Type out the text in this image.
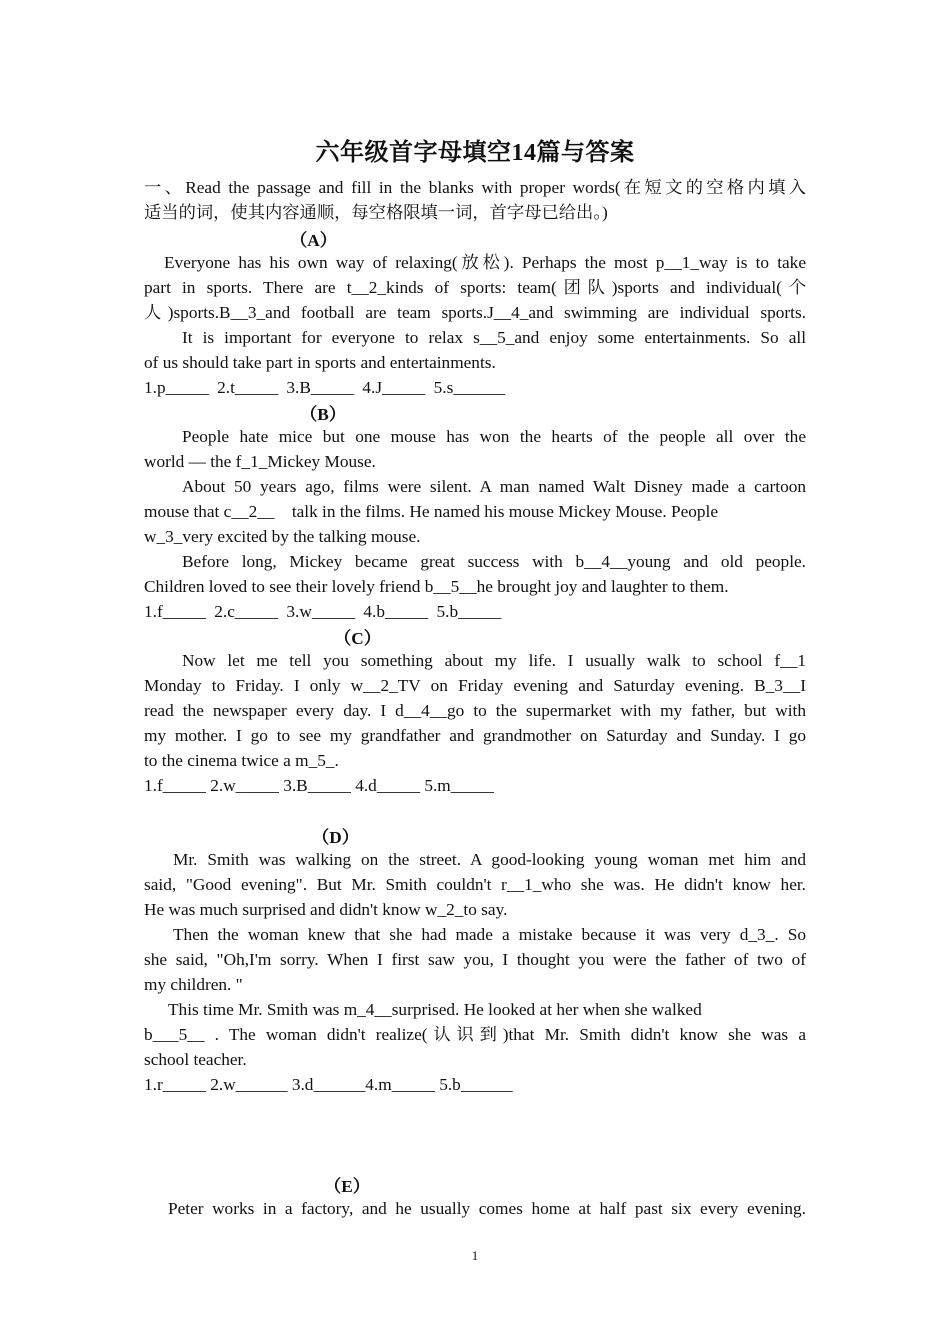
六年级首字母填空14篇与答案
一、Read the passage and fill in the blanks with proper words(在短文的空格内填入
适当的词，使其内容通顺，每空格限填一词，首字母已给出。)
（A）
Everyone has his own way of relaxing(放松). Perhaps the most p__1_way is to take
part in sports. There are t__2_kinds of sports: team(团队)sports and individual(个
人)sports.B__3_and football are team sports.J__4_and swimming are individual sports.
It is important for everyone to relax s__5_and enjoy some entertainments. So all
of us should take part in sports and entertainments.
1.p_____ 2.t_____ 3.B_____ 4.J_____ 5.s______
（B）
People hate mice but one mouse has won the hearts of the people all over the
world — the f_1_Mickey Mouse.
About 50 years ago, films were silent. A man named Walt Disney made a cartoon
mouse that c__2__    talk in the films. He named his mouse Mickey Mouse. People
w_3_very excited by the talking mouse.
Before long, Mickey became great success with b__4__young and old people.
Children loved to see their lovely friend b__5__he brought joy and laughter to them.
1.f_____ 2.c_____ 3.w_____ 4.b_____ 5.b_____
（C）
Now let me tell you something about my life. I usually walk to school f__1
Monday to Friday. I only w__2_TV on Friday evening and Saturday evening. B_3__I
read the newspaper every day. I d__4__go to the supermarket with my father, but with
my mother. I go to see my grandfather and grandmother on Saturday and Sunday. I go
to the cinema twice a m_5_.
1.f_____ 2.w_____ 3.B_____ 4.d_____ 5.m_____
（D）
Mr. Smith was walking on the street. A good-looking young woman met him and
said, "Good evening". But Mr. Smith couldn't r__1_who she was. He didn't know her.
He was much surprised and didn't know w_2_to say.
Then the woman knew that she had made a mistake because it was very d_3_. So
she said, "Oh,I'm sorry. When I first saw you, I thought you were the father of two of
my children. "
This time Mr. Smith was m_4__surprised. He looked at her when she walked
b___5__ . The woman didn't realize(认识到)that Mr. Smith didn't know she was a
school teacher.
1.r_____ 2.w______ 3.d______4.m_____ 5.b______
（E）
Peter works in a factory, and he usually comes home at half past six every evening.
1
